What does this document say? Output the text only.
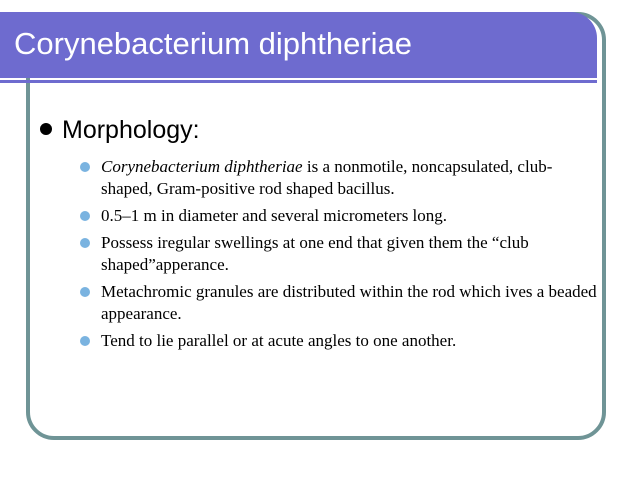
Corynebacterium diphtheriae
Morphology:
Corynebacterium diphtheriae is a nonmotile, noncapsulated, club-shaped, Gram-positive rod shaped bacillus.
0.5–1 m in diameter and several micrometers long.
Possess iregular swellings at one end that given them the “club shaped”apperance.
Metachromic granules are distributed within the rod which ives a beaded appearance.
Tend to lie parallel or at acute angles to one another.
